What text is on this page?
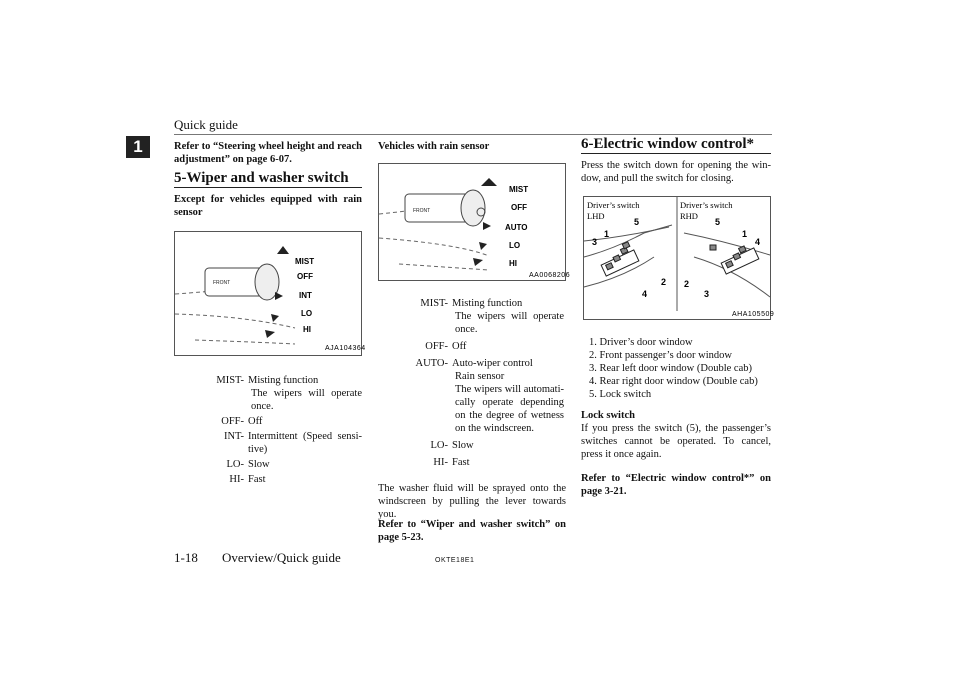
Quick guide
1	Refer to “Steering wheel height and reach adjustment” on page 6-07.
5-Wiper and washer switch
Except for vehicles equipped with rain sensor
FRONT
MIST
OFF
INT
LO
HI
AJA104364
MIST- Misting function
The wipers will operate once.
OFF- Off
INT- Intermittent (Speed sensi-tive)
LO- Slow
HI- Fast
Vehicles with rain sensor
FRONT
MIST
OFF
AUTO
LO
HI
AA0068206
MIST- Misting function
The wipers will operate once.
OFF- Off
AUTO- Auto-wiper control
Rain sensor
The wipers will automati-cally operate depending on the degree of wetness on the windscreen.
LO- Slow
HI- Fast
The washer fluid will be sprayed onto the windscreen by pulling the lever towards you.
Refer to “Wiper and washer switch” on page 5-23.
6-Electric window control*
Press the switch down for opening the win-dow, and pull the switch for closing.
Driver’s switch
LHD
Driver’s switch
RHD
1
5
3
2
4
5
1
4
2
3
AHA105509
1. Driver’s door window
2. Front passenger’s door window
3. Rear left door window (Double cab)
4. Rear right door window (Double cab)
5. Lock switch
Lock switch
If you press the switch (5), the passenger’s switches cannot be operated. To cancel, press it once again.
Refer to “Electric window control*” on page 3-21.
1-18 Overview/Quick guide	OKTE18E1
